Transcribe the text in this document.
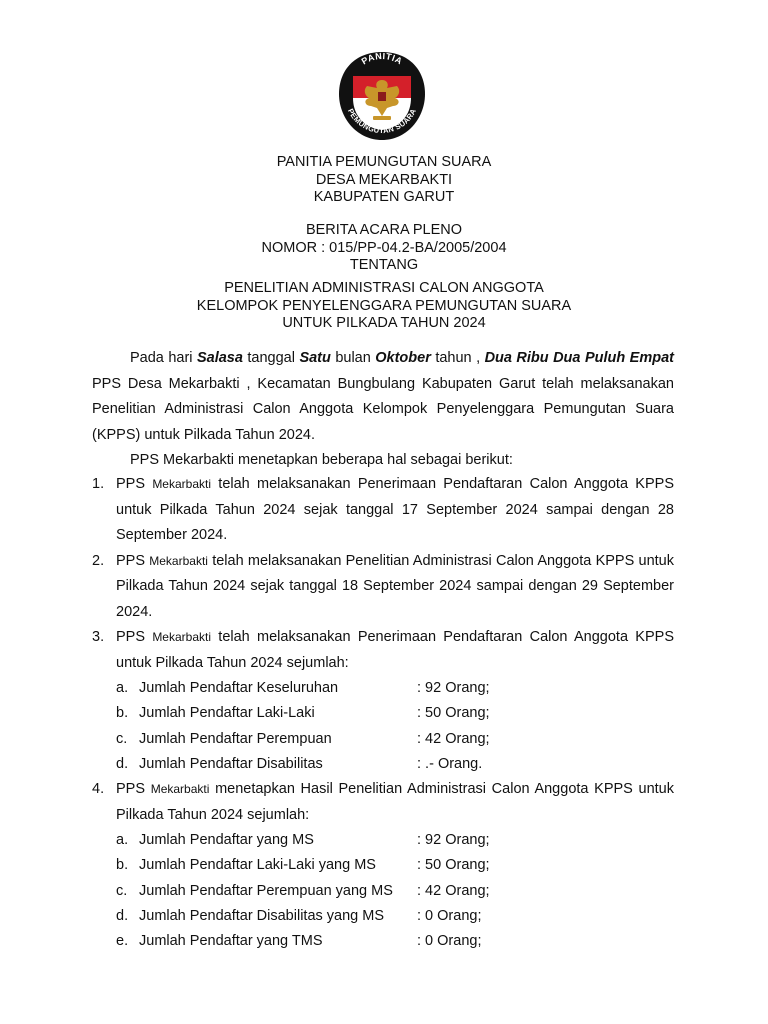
PANITIA
PEMUNGUTAN SUARA
PANITIA PEMUNGUTAN SUARA
DESA MEKARBAKTI
KABUPATEN GARUT
BERITA ACARA PLENO
NOMOR : 015/PP-04.2-BA/2005/2004
TENTANG
PENELITIAN ADMINISTRASI CALON ANGGOTA
KELOMPOK PENYELENGGARA PEMUNGUTAN SUARA
UNTUK PILKADA TAHUN 2024
Pada hari Salasa tanggal Satu bulan Oktober tahun , Dua Ribu Dua Puluh Empat PPS Desa Mekarbakti , Kecamatan Bungbulang Kabupaten Garut telah melaksanakan Penelitian Administrasi Calon Anggota Kelompok Penyelenggara Pemungutan Suara (KPPS) untuk Pilkada Tahun 2024.
PPS Mekarbakti menetapkan beberapa hal sebagai berikut:
1. PPS Mekarbakti telah melaksanakan Penerimaan Pendaftaran Calon Anggota KPPS untuk Pilkada Tahun 2024 sejak tanggal 17 September 2024 sampai dengan 28 September 2024.
2. PPS Mekarbakti telah melaksanakan Penelitian Administrasi Calon Anggota KPPS untuk Pilkada Tahun 2024 sejak tanggal 18 September 2024 sampai dengan 29 September 2024.
3. PPS Mekarbakti telah melaksanakan Penerimaan Pendaftaran Calon Anggota KPPS untuk Pilkada Tahun 2024 sejumlah:
a. Jumlah Pendaftar Keseluruhan	: 92 Orang;
b. Jumlah Pendaftar Laki-Laki	: 50 Orang;
c. Jumlah Pendaftar Perempuan	: 42 Orang;
d. Jumlah Pendaftar Disabilitas	: .- Orang.
4. PPS Mekarbakti menetapkan Hasil Penelitian Administrasi Calon Anggota KPPS untuk Pilkada Tahun 2024 sejumlah:
a. Jumlah Pendaftar yang MS	: 92 Orang;
b. Jumlah Pendaftar Laki-Laki yang MS	: 50 Orang;
c. Jumlah Pendaftar Perempuan yang MS : 42 Orang;
d. Jumlah Pendaftar Disabilitas yang MS : 0 Orang;
e. Jumlah Pendaftar yang TMS	: 0 Orang;
